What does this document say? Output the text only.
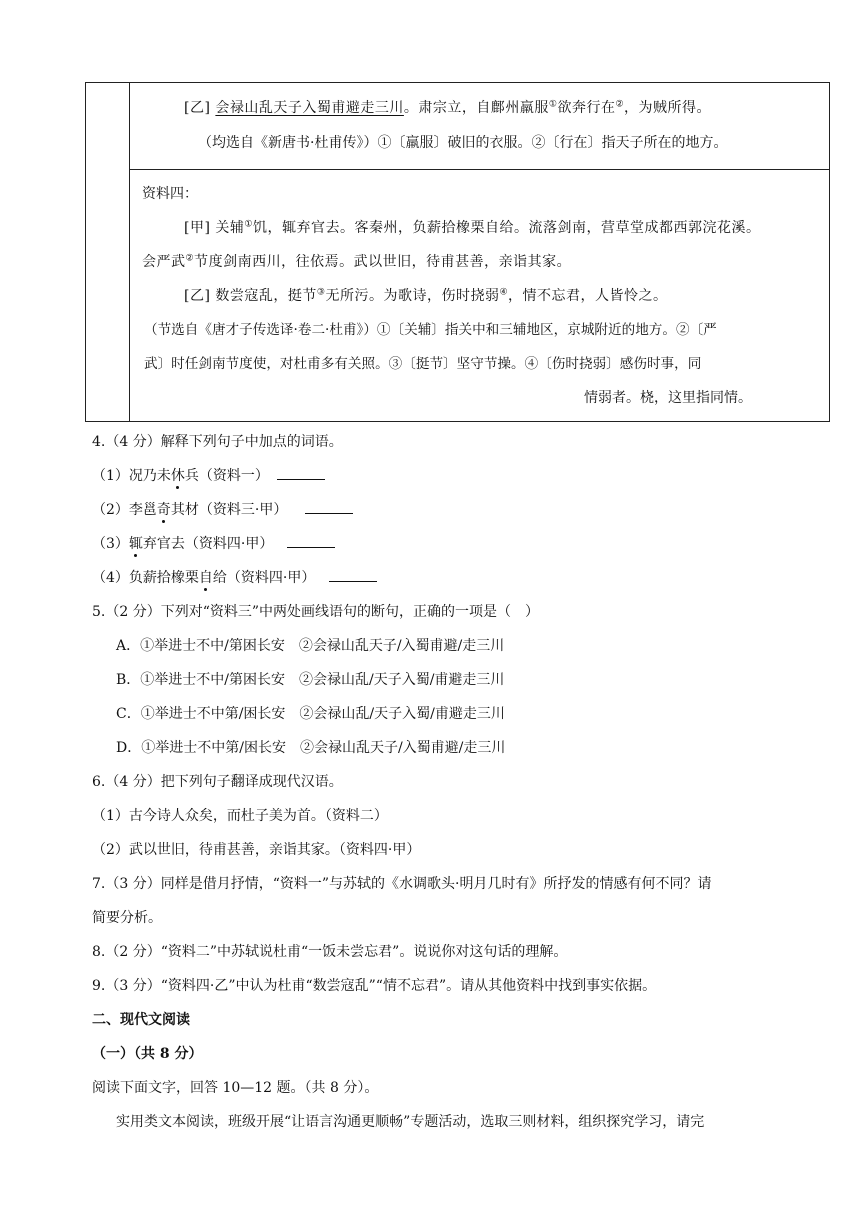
[乙] 会禄山乱天子入蜀甫避走三川。肃宗立，自鄜州羸服①欲奔行在②，为贼所得。
（均选自《新唐书·杜甫传》）①〔羸服〕破旧的衣服。②〔行在〕指天子所在的地方。
资料四：
[甲] 关辅①饥，辄弃官去。客秦州，负薪拾橡栗自给。流落剑南，营草堂成都西郭浣花溪。
会严武②节度剑南西川，往依焉。武以世旧，待甫甚善，亲诣其家。
[乙] 数尝寇乱，挺节③无所污。为歌诗，伤时挠弱④，情不忘君，人皆怜之。
（节选自《唐才子传选译·卷二·杜甫》）①〔关辅〕指关中和三辅地区，京城附近的地方。②〔严
武〕时任剑南节度使，对杜甫多有关照。③〔挺节〕坚守节操。④〔伤时挠弱〕感伤时事，同
情弱者。桡，这里指同情。
4.（4 分）解释下列句子中加点的词语。
（1）况乃未休兵（资料一）
（2）李邕奇其材（资料三·甲）
（3）辄弃官去（资料四·甲）
（4）负薪拾橡栗自给（资料四·甲）
5.（2 分）下列对“资料三”中两处画线语句的断句，正确的一项是（　）
A．①举进士不中/第困长安　②会禄山乱天子/入蜀甫避/走三川
B．①举进士不中/第困长安　②会禄山乱/天子入蜀/甫避走三川
C．①举进士不中第/困长安　②会禄山乱/天子入蜀/甫避走三川
D．①举进士不中第/困长安　②会禄山乱天子/入蜀甫避/走三川
6.（4 分）把下列句子翻译成现代汉语。
（1）古今诗人众矣，而杜子美为首。（资料二）
（2）武以世旧，待甫甚善，亲诣其家。（资料四·甲）
7.（3 分）同样是借月抒情，“资料一”与苏轼的《水调歌头·明月几时有》所抒发的情感有何不同？请
简要分析。
8.（2 分）“资料二”中苏轼说杜甫“一饭未尝忘君”。说说你对这句话的理解。
9.（3 分）“资料四·乙”中认为杜甫“数尝寇乱”“情不忘君”。请从其他资料中找到事实依据。
二、现代文阅读
（一）（共 8 分）
阅读下面文字，回答 10—12 题。（共 8 分）。
实用类文本阅读，班级开展“让语言沟通更顺畅”专题活动，选取三则材料，组织探究学习，请完
